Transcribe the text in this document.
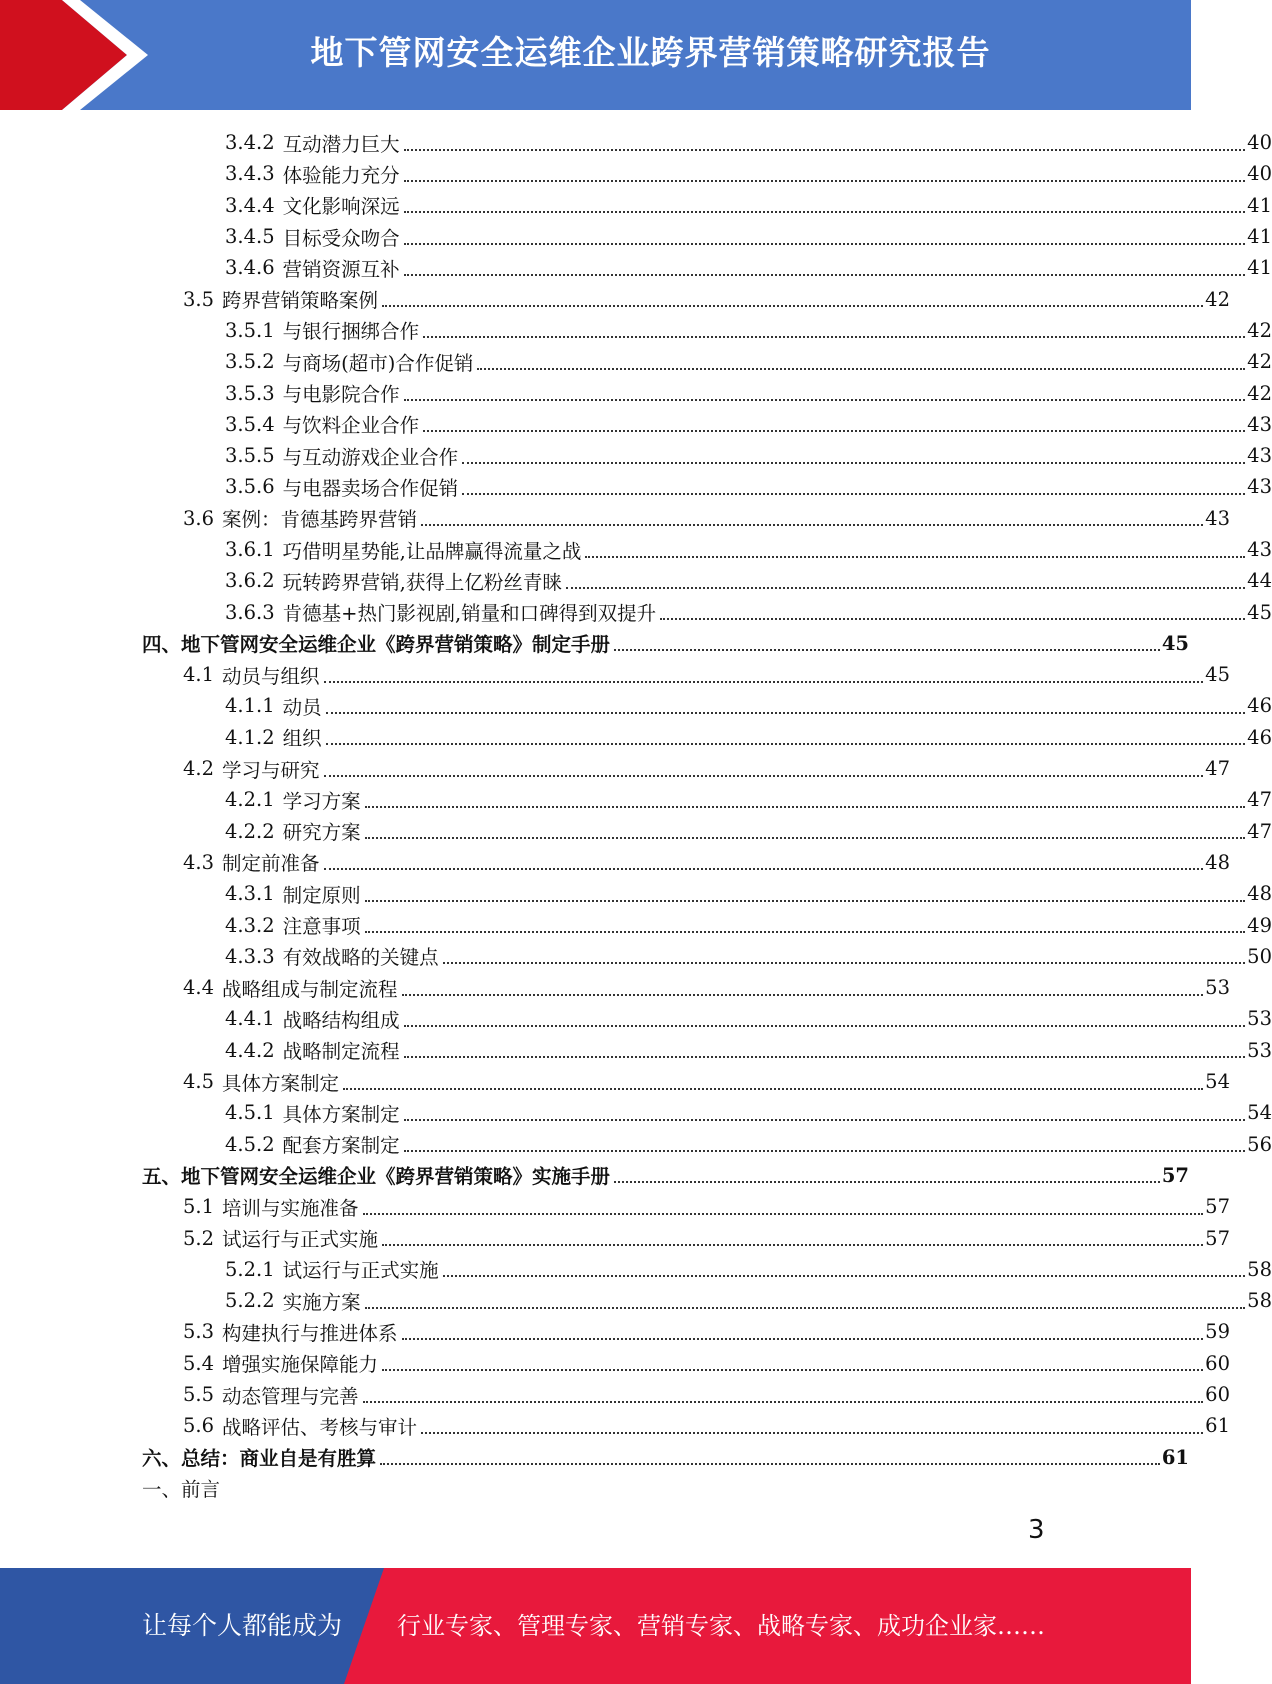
地下管网安全运维企业跨界营销策略研究报告
3.4.2 互动潜力巨大	40
3.4.3 体验能力充分	40
3.4.4 文化影响深远	41
3.4.5 目标受众吻合	41
3.4.6 营销资源互补	41
3.5 跨界营销策略案例	42
3.5.1 与银行捆绑合作	42
3.5.2 与商场(超市)合作促销	42
3.5.3 与电影院合作	42
3.5.4 与饮料企业合作	43
3.5.5 与互动游戏企业合作	43
3.5.6 与电器卖场合作促销	43
3.6 案例：肯德基跨界营销	43
3.6.1 巧借明星势能,让品牌赢得流量之战	43
3.6.2 玩转跨界营销,获得上亿粉丝青睐	44
3.6.3 肯德基+热门影视剧,销量和口碑得到双提升	45
四、地下管网安全运维企业《跨界营销策略》制定手册	45
4.1 动员与组织	45
4.1.1 动员	46
4.1.2 组织	46
4.2 学习与研究	47
4.2.1 学习方案	47
4.2.2 研究方案	47
4.3 制定前准备	48
4.3.1 制定原则	48
4.3.2 注意事项	49
4.3.3 有效战略的关键点	50
4.4 战略组成与制定流程	53
4.4.1 战略结构组成	53
4.4.2 战略制定流程	53
4.5 具体方案制定	54
4.5.1 具体方案制定	54
4.5.2 配套方案制定	56
五、地下管网安全运维企业《跨界营销策略》实施手册	57
5.1 培训与实施准备	57
5.2 试运行与正式实施	57
5.2.1 试运行与正式实施	58
5.2.2 实施方案	58
5.3 构建执行与推进体系	59
5.4 增强实施保障能力	60
5.5 动态管理与完善	60
5.6 战略评估、考核与审计	61
六、总结：商业自是有胜算	61
一、前言
3
让每个人都能成为 行业专家、管理专家、营销专家、战略专家、成功企业家……
